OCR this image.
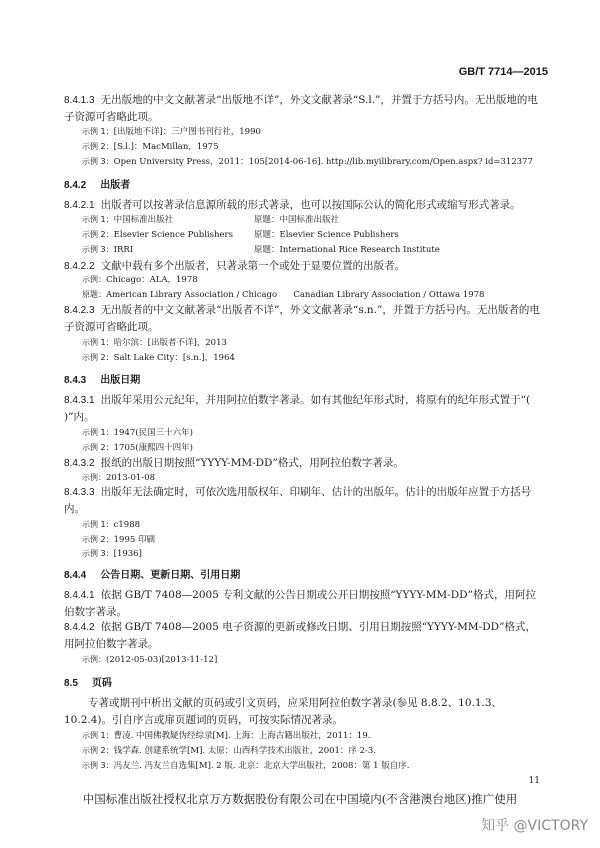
GB/T 7714—2015
8.4.1.3 无出版地的中文文献著录“出版地不详”，外文文献著录“S.l.”，并置于方括号内。无出版地的电子资源可省略此项。
示例 1：[出版地不详]：三户图书刊行社，1990
示例 2：[S.l.]：MacMillan，1975
示例 3：Open University Press，2011：105[2014-06-16]. http://lib.myilibrary.com/Open.aspx? id=312377
8.4.2 出版者
8.4.2.1 出版者可以按著录信息源所载的形式著录，也可以按国际公认的简化形式或缩写形式著录。
示例 1：中国标准出版社	原题：中国标准出版社
示例 2：Elsevier Science Publishers 原题：Elsevier Science Publishers
示例 3：IRRI	原题：International Rice Research Institute
8.4.2.2 文献中载有多个出版者，只著录第一个或处于显要位置的出版者。
示例：Chicago：ALA，1978
原题：American Library Association / Chicago      Canadian Library Association / Ottawa 1978
8.4.2.3 无出版者的中文文献著录“出版者不详”，外文文献著录“s.n.”，并置于方括号内。无出版者的电子资源可省略此项。
示例 1：哈尔滨：[出版者不详]，2013
示例 2：Salt Lake City：[s.n.]，1964
8.4.3 出版日期
8.4.3.1 出版年采用公元纪年，并用阿拉伯数字著录。如有其他纪年形式时，将原有的纪年形式置于“( )”内。
示例 1：1947(民国三十六年)
示例 2：1705(康熙四十四年)
8.4.3.2 报纸的出版日期按照“YYYY-MM-DD”格式，用阿拉伯数字著录。
示例：2013-01-08
8.4.3.3 出版年无法确定时，可依次选用版权年、印刷年、估计的出版年。估计的出版年应置于方括号内。
示例 1：c1988
示例 2：1995 印刷
示例 3：[1936]
8.4.4 公告日期、更新日期、引用日期
8.4.4.1 依据 GB/T 7408—2005 专利文献的公告日期或公开日期按照“YYYY-MM-DD”格式，用阿拉伯数字著录。
8.4.4.2 依据 GB/T 7408—2005 电子资源的更新或修改日期、引用日期按照“YYYY-MM-DD”格式，用阿拉伯数字著录。
示例：(2012-05-03)[2013-11-12]
8.5 页码
专著或期刊中析出文献的页码或引文页码，应采用阿拉伯数字著录(参见 8.8.2、10.1.3、10.2.4)。引自序言或扉页题词的页码，可按实际情况著录。
示例 1：曹凌. 中国佛教疑伪经综录[M]. 上海：上海古籍出版社，2011：19.
示例 2：钱学森. 创建系统学[M]. 太原：山西科学技术出版社，2001：序 2-3.
示例 3：冯友兰. 冯友兰自选集[M]. 2 版. 北京：北京大学出版社，2008：第 1 版自序.
11
中国标准出版社授权北京万方数据股份有限公司在中国境内(不含港澳台地区)推广使用
知乎 @VICTORY
